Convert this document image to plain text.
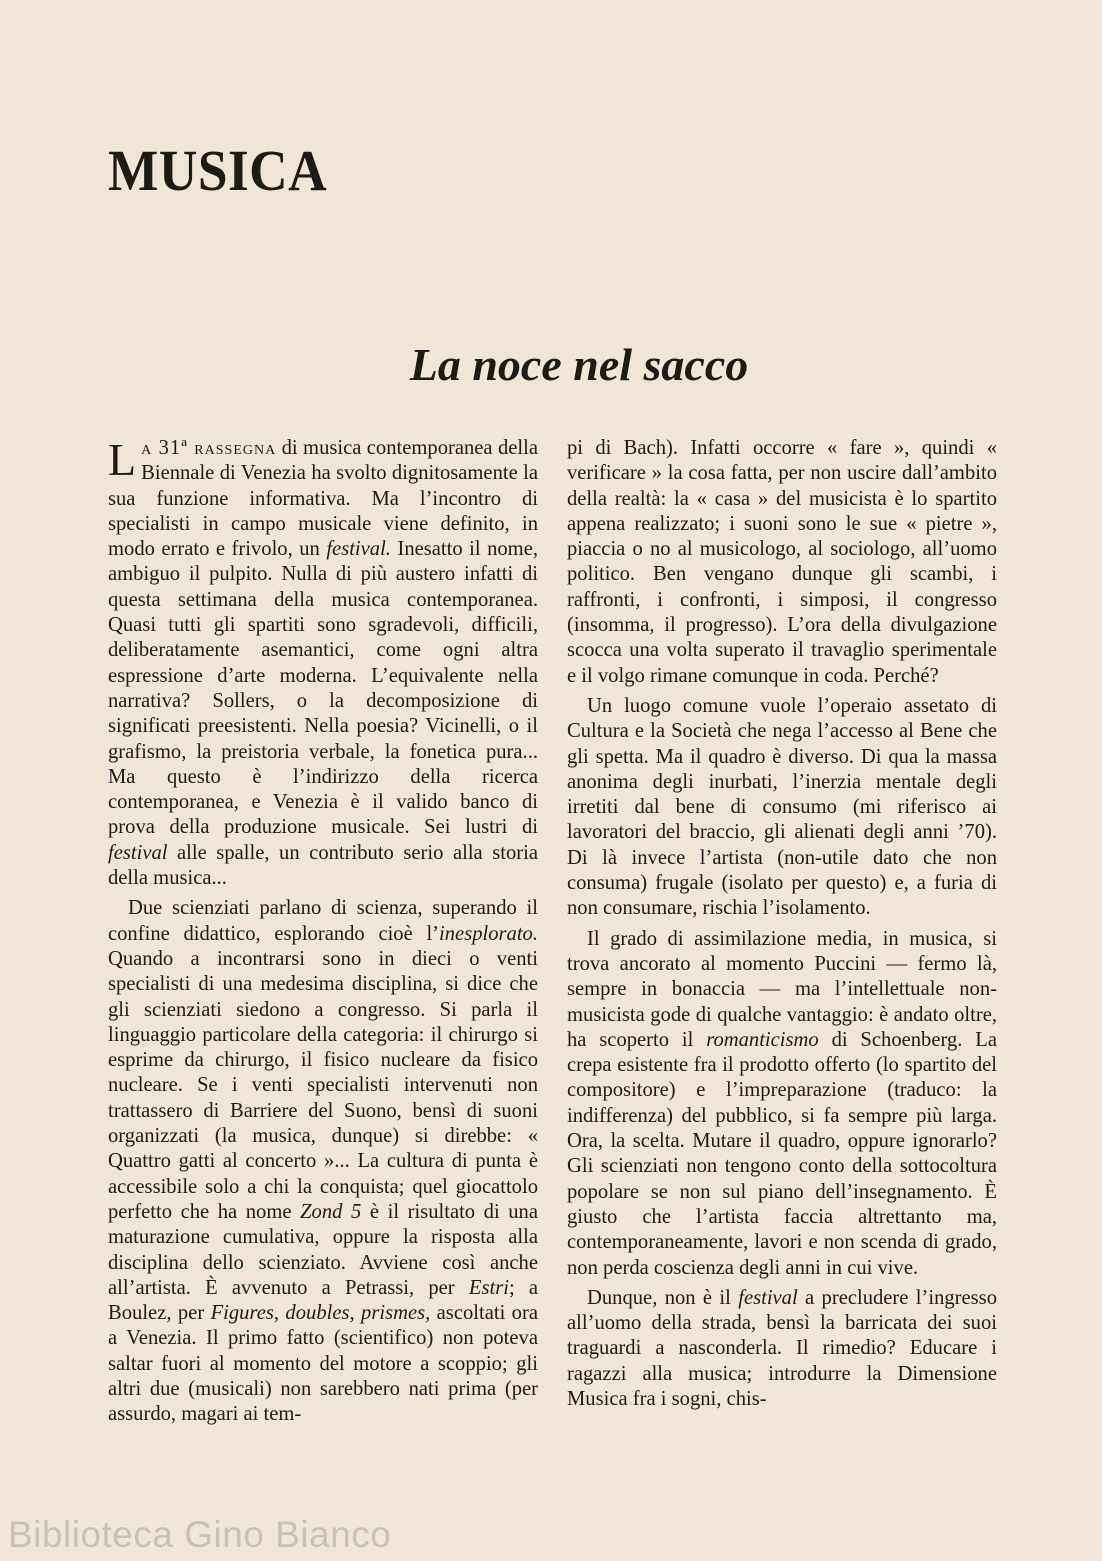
MUSICA
La noce nel sacco

La 31ª rassegna di musica contemporanea della Biennale di Venezia ha svolto dignitosamente la sua funzione informativa. Ma l’incontro di specialisti in campo musicale viene definito, in modo errato e frivolo, un festival. Inesatto il nome, ambiguo il pulpito. Nulla di più austero infatti di questa settimana della musica contemporanea. Quasi tutti gli spartiti sono sgradevoli, difficili, deliberatamente asemantici, come ogni altra espressione d’arte moderna. L’equivalente nella narrativa? Sollers, o la decomposizione di significati preesistenti. Nella poesia? Vicinelli, o il grafismo, la preistoria verbale, la fonetica pura... Ma questo è l’indirizzo della ricerca contemporanea, e Venezia è il valido banco di prova della produzione musicale. Sei lustri di festival alle spalle, un contributo serio alla storia della musica...

Due scienziati parlano di scienza, superando il confine didattico, esplorando cioè l’inesplorato. Quando a incontrarsi sono in dieci o venti specialisti di una medesima disciplina, si dice che gli scienziati siedono a congresso. Si parla il linguaggio particolare della categoria: il chirurgo si esprime da chirurgo, il fisico nucleare da fisico nucleare. Se i venti specialisti intervenuti non trattassero di Barriere del Suono, bensì di suoni organizzati (la musica, dunque) si direbbe: « Quattro gatti al concerto »... La cultura di punta è accessibile solo a chi la conquista; quel giocattolo perfetto che ha nome Zond 5 è il risultato di una maturazione cumulativa, oppure la risposta alla disciplina dello scienziato. Avviene così anche all’artista. È avvenuto a Petrassi, per Estri; a Boulez, per Figures, doubles, prismes, ascoltati ora a Venezia. Il primo fatto (scientifico) non poteva saltar fuori al momento del motore a scoppio; gli altri due (musicali) non sarebbero nati prima (per assurdo, magari ai tem-

pi di Bach). Infatti occorre « fare », quindi « verificare » la cosa fatta, per non uscire dall’ambito della realtà: la « casa » del musicista è lo spartito appena realizzato; i suoni sono le sue « pietre », piaccia o no al musicologo, al sociologo, all’uomo politico. Ben vengano dunque gli scambi, i raffronti, i confronti, i simposi, il congresso (insomma, il progresso). L’ora della divulgazione scocca una volta superato il travaglio sperimentale e il volgo rimane comunque in coda. Perché?

Un luogo comune vuole l’operaio assetato di Cultura e la Società che nega l’accesso al Bene che gli spetta. Ma il quadro è diverso. Di qua la massa anonima degli inurbati, l’inerzia mentale degli irretiti dal bene di consumo (mi riferisco ai lavoratori del braccio, gli alienati degli anni ’70). Di là invece l’artista (non-utile dato che non consuma) frugale (isolato per questo) e, a furia di non consumare, rischia l’isolamento.

Il grado di assimilazione media, in musica, si trova ancorato al momento Puccini — fermo là, sempre in bonaccia — ma l’intellettuale non-musicista gode di qualche vantaggio: è andato oltre, ha scoperto il romanticismo di Schoenberg. La crepa esistente fra il prodotto offerto (lo spartito del compositore) e l’impreparazione (traduco: la indifferenza) del pubblico, si fa sempre più larga. Ora, la scelta. Mutare il quadro, oppure ignorarlo? Gli scienziati non tengono conto della sottocoltura popolare se non sul piano dell’insegnamento. È giusto che l’artista faccia altrettanto ma, contemporaneamente, lavori e non scenda di grado, non perda coscienza degli anni in cui vive.

Dunque, non è il festival a precludere l’ingresso all’uomo della strada, bensì la barricata dei suoi traguardi a nasconderla. Il rimedio? Educare i ragazzi alla musica; introdurre la Dimensione Musica fra i sogni, chis-

Biblioteca Gino Bianco
